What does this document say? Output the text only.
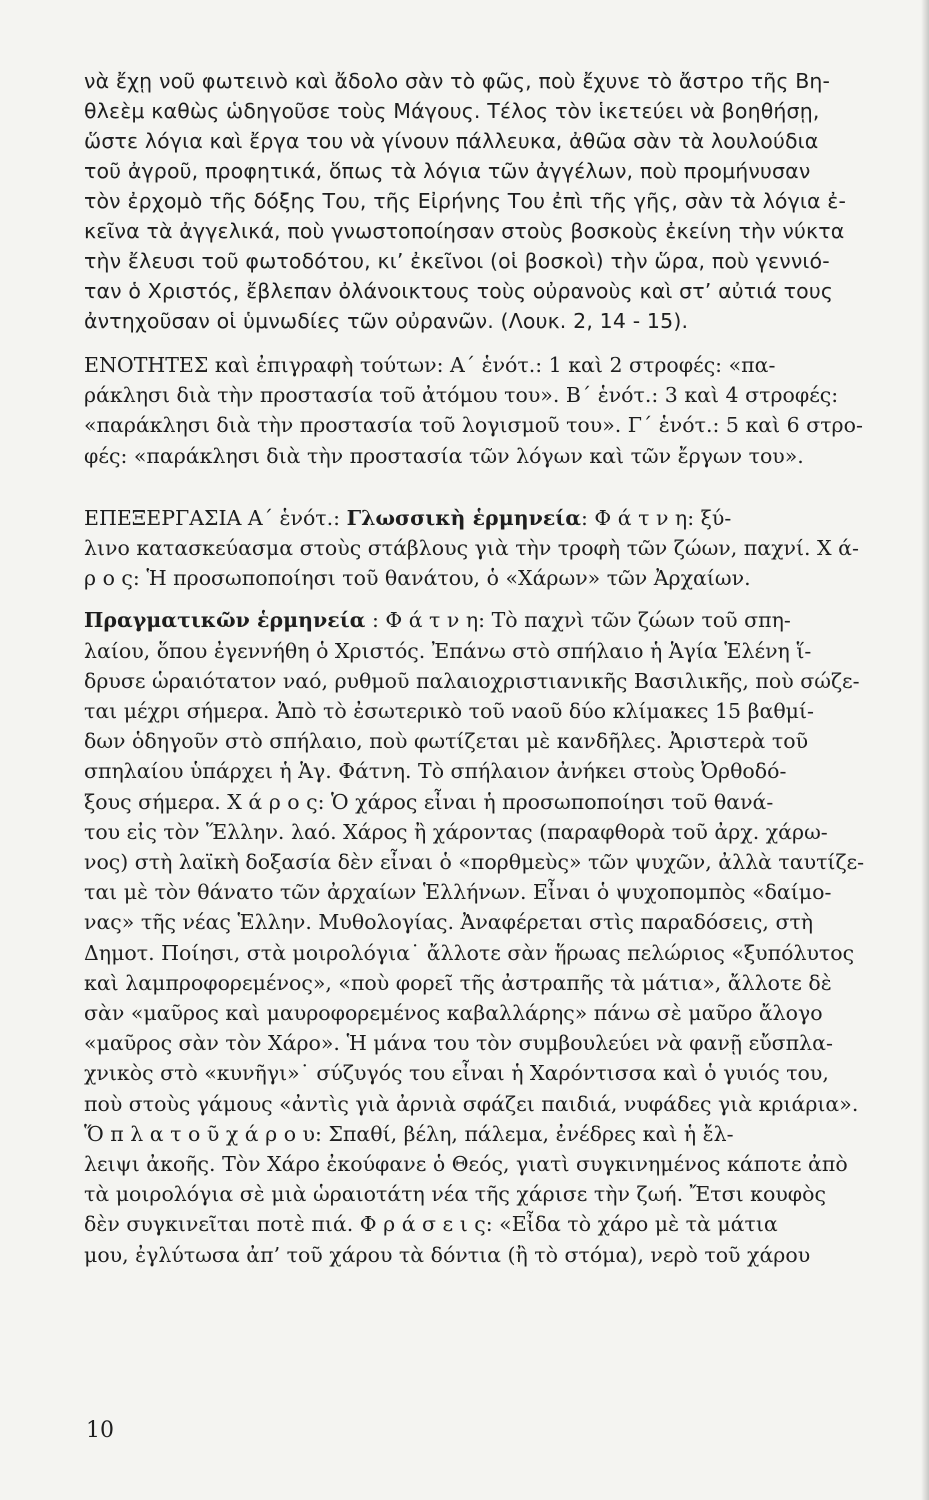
νὰ ἔχῃ νοῦ φωτεινὸ καὶ ἄδολο σὰν τὸ φῶς, ποὺ ἔχυνε τὸ ἄστρο τῆς Βη-
θλεὲμ καθὼς ὡδηγοῦσε τοὺς Μάγους. Τέλος τὸν ἱκετεύει νὰ βοηθήσῃ,
ὥστε λόγια καὶ ἔργα του νὰ γίνουν πάλλευκα, ἀθῶα σὰν τὰ λουλούδια
τοῦ ἀγροῦ, προφητικά, ὅπως τὰ λόγια τῶν ἀγγέλων, ποὺ προμήνυσαν
τὸν ἐρχομὸ τῆς δόξης Του, τῆς Εἰρήνης Του ἐπὶ τῆς γῆς, σὰν τὰ λόγια ἐ-
κεῖνα τὰ ἀγγελικά, ποὺ γνωστοποίησαν στοὺς βοσκοὺς ἐκείνη τὴν νύκτα
τὴν ἔλευσι τοῦ φωτοδότου, κι’ ἐκεῖνοι (οἱ βοσκοὶ) τὴν ὥρα, ποὺ γεννιό-
ταν ὁ Χριστός, ἔβλεπαν ὀλάνοικτους τοὺς οὐρανοὺς καὶ στ’ αὐτιά τους
ἀντηχοῦσαν οἱ ὑμνωδίες τῶν οὐρανῶν. (Λουκ. 2, 14 - 15).

ΕΝΟΤΗΤΕΣ καὶ ἐπιγραφὴ τούτων: Α΄ ἑνότ.: 1 καὶ 2 στροφές: «πα-
ράκλησι διὰ τὴν προστασία τοῦ ἀτόμου του». Β΄ ἑνότ.: 3 καὶ 4 στροφές:
«παράκλησι διὰ τὴν προστασία τοῦ λογισμοῦ του». Γ΄ ἑνότ.: 5 καὶ 6 στρο-
φές: «παράκλησι διὰ τὴν προστασία τῶν λόγων καὶ τῶν ἔργων του».

ΕΠΕΞΕΡΓΑΣΙΑ Α΄ ἑνότ.: Γλωσσικὴ ἑρμηνεία: Φ ά τ ν η: ξύ-
λινο κατασκεύασμα στοὺς στάβλους γιὰ τὴν τροφὴ τῶν ζώων, παχνί. Χ ά-
ρ ο ς: Ἡ προσωποποίησι τοῦ θανάτου, ὁ «Χάρων» τῶν Ἀρχαίων.

Πραγματικῶν ἑρμηνεία : Φ ά τ ν η: Τὸ παχνὶ τῶν ζώων τοῦ σπη-
λαίου, ὅπου ἐγεννήθη ὁ Χριστός. Ἐπάνω στὸ σπήλαιο ἡ Ἁγία Ἑλένη ἵ-
δρυσε ὡραιότατον ναό, ρυθμοῦ παλαιοχριστιανικῆς Βασιλικῆς, ποὺ σώζε-
ται μέχρι σήμερα. Ἀπὸ τὸ ἐσωτερικὸ τοῦ ναοῦ δύο κλίμακες 15 βαθμί-
δων ὁδηγοῦν στὸ σπήλαιο, ποὺ φωτίζεται μὲ κανδῆλες. Ἀριστερὰ τοῦ
σπηλαίου ὑπάρχει ἡ Ἁγ. Φάτνη. Τὸ σπήλαιον ἀνήκει στοὺς Ὀρθοδό-
ξους σήμερα. Χ ά ρ ο ς: Ὁ χάρος εἶναι ἡ προσωποποίησι τοῦ θανά-
του εἰς τὸν Ἕλλην. λαό. Χάρος ἢ χάροντας (παραφθορὰ τοῦ ἀρχ. χάρω-
νος) στὴ λαϊκὴ δοξασία δὲν εἶναι ὁ «πορθμεὺς» τῶν ψυχῶν, ἀλλὰ ταυτίζε-
ται μὲ τὸν θάνατο τῶν ἀρχαίων Ἑλλήνων. Εἶναι ὁ ψυχοπομπὸς «δαίμο-
νας» τῆς νέας Ἑλλην. Μυθολογίας. Ἀναφέρεται στὶς παραδόσεις, στὴ
Δημοτ. Ποίησι, στὰ μοιρολόγια˙ ἄλλοτε σὰν ἥρωας πελώριος «ξυπόλυτος
καὶ λαμπροφορεμένος», «ποὺ φορεῖ τῆς ἀστραπῆς τὰ μάτια», ἄλλοτε δὲ
σὰν «μαῦρος καὶ μαυροφορεμένος καβαλλάρης» πάνω σὲ μαῦρο ἄλογο
«μαῦρος σὰν τὸν Χάρο». Ἡ μάνα του τὸν συμβουλεύει νὰ φανῇ εὔσπλα-
χνικὸς στὸ «κυνῆγι»˙ σύζυγός του εἶναι ἡ Χαρόντισσα καὶ ὁ γυιός του,
ποὺ στοὺς γάμους «ἀντὶς γιὰ ἀρνιὰ σφάζει παιδιά, νυφάδες γιὰ κριάρια».
Ὅ π λ α τ ο ῦ χ ά ρ ο υ: Σπαθί, βέλη, πάλεμα, ἐνέδρες καὶ ἡ ἔλ-
λειψι ἀκοῆς. Τὸν Χάρο ἐκούφανε ὁ Θεός, γιατὶ συγκινημένος κάποτε ἀπὸ
τὰ μοιρολόγια σὲ μιὰ ὡραιοτάτη νέα τῆς χάρισε τὴν ζωή. Ἔτσι κουφὸς
δὲν συγκινεῖται ποτὲ πιά. Φ ρ ά σ ε ι ς: «Εἶδα τὸ χάρο μὲ τὰ μάτια
μου, ἐγλύτωσα ἀπ’ τοῦ χάρου τὰ δόντια (ἢ τὸ στόμα), νερὸ τοῦ χάρου

10
